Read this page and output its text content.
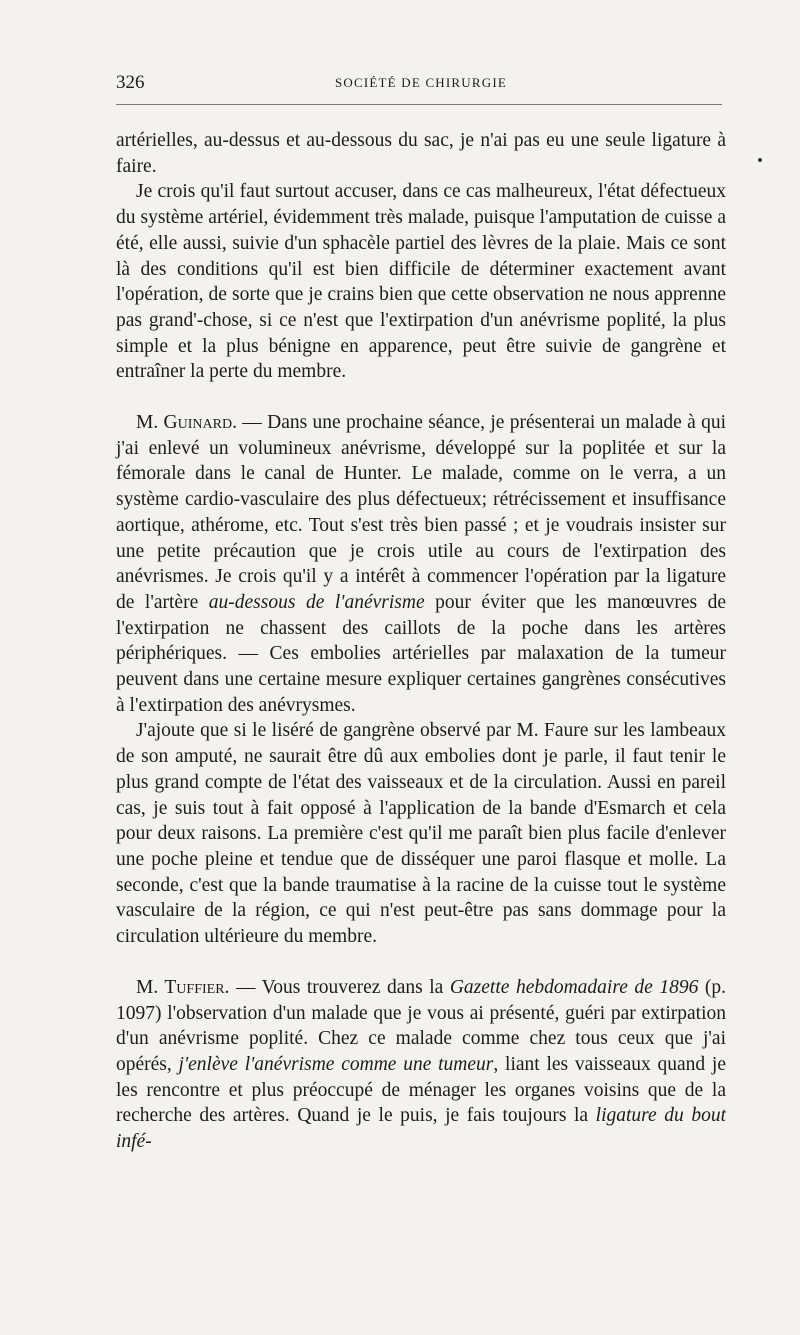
326	SOCIÉTÉ DE CHIRURGIE

artérielles, au-dessus et au-dessous du sac, je n'ai pas eu une seule ligature à faire.

Je crois qu'il faut surtout accuser, dans ce cas malheureux, l'état défectueux du système artériel, évidemment très malade, puisque l'amputation de cuisse a été, elle aussi, suivie d'un sphacèle partiel des lèvres de la plaie. Mais ce sont là des conditions qu'il est bien difficile de déterminer exactement avant l'opération, de sorte que je crains bien que cette observation ne nous apprenne pas grand'-chose, si ce n'est que l'extirpation d'un anévrisme poplité, la plus simple et la plus bénigne en apparence, peut être suivie de gangrène et entraîner la perte du membre.

M. Guinard. — Dans une prochaine séance, je présenterai un malade à qui j'ai enlevé un volumineux anévrisme, développé sur la poplitée et sur la fémorale dans le canal de Hunter. Le malade, comme on le verra, a un système cardio-vasculaire des plus défectueux; rétrécissement et insuffisance aortique, athérome, etc. Tout s'est très bien passé ; et je voudrais insister sur une petite précaution que je crois utile au cours de l'extirpation des anévrismes. Je crois qu'il y a intérêt à commencer l'opération par la ligature de l'artère au-dessous de l'anévrisme pour éviter que les manœuvres de l'extirpation ne chassent des caillots de la poche dans les artères périphériques. — Ces embolies artérielles par malaxation de la tumeur peuvent dans une certaine mesure expliquer certaines gangrènes consécutives à l'extirpation des anévrysmes.

J'ajoute que si le liséré de gangrène observé par M. Faure sur les lambeaux de son amputé, ne saurait être dû aux embolies dont je parle, il faut tenir le plus grand compte de l'état des vaisseaux et de la circulation. Aussi en pareil cas, je suis tout à fait opposé à l'application de la bande d'Esmarch et cela pour deux raisons. La première c'est qu'il me paraît bien plus facile d'enlever une poche pleine et tendue que de disséquer une paroi flasque et molle. La seconde, c'est que la bande traumatise à la racine de la cuisse tout le système vasculaire de la région, ce qui n'est peut-être pas sans dommage pour la circulation ultérieure du membre.

M. Tuffier. — Vous trouverez dans la Gazette hebdomadaire de 1896 (p. 1097) l'observation d'un malade que je vous ai présenté, guéri par extirpation d'un anévrisme poplité. Chez ce malade comme chez tous ceux que j'ai opérés, j'enlève l'anévrisme comme une tumeur, liant les vaisseaux quand je les rencontre et plus préoccupé de ménager les organes voisins que de la recherche des artères. Quand je le puis, je fais toujours la ligature du bout infé-
